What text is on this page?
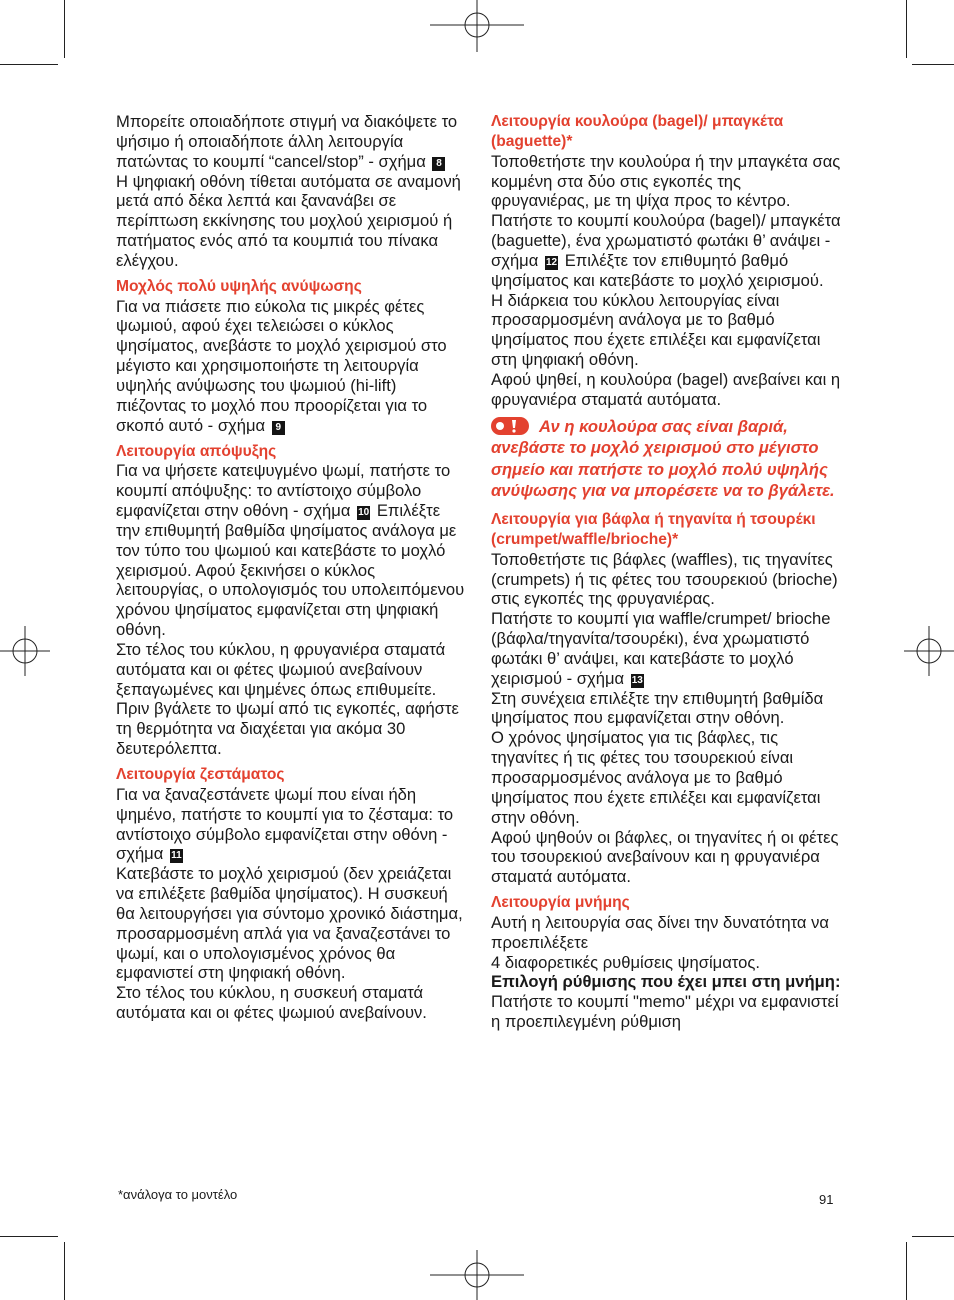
Μπορείτε οποιαδήποτε στιγμή να διακόψετε το ψήσιμο ή οποιαδήποτε άλλη λειτουργία πατώντας το κουμπί “cancel/stop” - σχήμα 8

Η ψηφιακή οθόνη τίθεται αυτόματα σε αναμονή μετά από δέκα λεπτά και ξανανάβει σε περίπτωση εκκίνησης του μοχλού χειρισμού ή πατήματος ενός από τα κουμπιά του πίνακα ελέγχου.

Μοχλός πολύ υψηλής ανύψωσης

Για να πιάσετε πιο εύκολα τις μικρές φέτες ψωμιού, αφού έχει τελειώσει ο κύκλος ψησίματος, ανεβάστε το μοχλό χειρισμού στο μέγιστο και χρησιμοποιήστε τη λειτουργία υψηλής ανύψωσης του ψωμιού (hi-lift) πιέζοντας το μοχλό που προορίζεται για το σκοπό αυτό - σχήμα 9

Λειτουργία απόψυξης

Για να ψήσετε κατεψυγμένο ψωμί, πατήστε το κουμπί απόψυξης: το αντίστοιχο σύμβολο εμφανίζεται στην οθόνη - σχήμα 10 Επιλέξτε την επιθυμητή βαθμίδα ψησίματος ανάλογα με τον τύπο του ψωμιού και κατεβάστε το μοχλό χειρισμού. Αφού ξεκινήσει ο κύκλος λειτουργίας, ο υπολογισμός του υπολειπόμενου χρόνου ψησίματος εμφανίζεται στη ψηφιακή οθόνη.

Στο τέλος του κύκλου, η φρυγανιέρα σταματά αυτόματα και οι φέτες ψωμιού ανεβαίνουν ξεπαγωμένες και ψημένες όπως επιθυμείτε.

Πριν βγάλετε το ψωμί από τις εγκοπές, αφήστε τη θερμότητα να διαχέεται για ακόμα 30 δευτερόλεπτα.

Λειτουργία ζεστάματος

Για να ξαναζεστάνετε ψωμί που είναι ήδη ψημένο, πατήστε το κουμπί για το ζέσταμα: το αντίστοιχο σύμβολο εμφανίζεται στην οθόνη - σχήμα 11

Κατεβάστε το μοχλό χειρισμού (δεν χρειάζεται να επιλέξετε βαθμίδα ψησίματος). Η συσκευή θα λειτουργήσει για σύντομο χρονικό διάστημα, προσαρμοσμένη απλά για να ξαναζεστάνει το ψωμί, και ο υπολογισμένος χρόνος θα εμφανιστεί στη ψηφιακή οθόνη.

Στο τέλος του κύκλου, η συσκευή σταματά αυτόματα και οι φέτες ψωμιού ανεβαίνουν.

Λειτουργία κουλούρα (bagel)/ μπαγκέτα (baguette)*

Τοποθετήστε την κουλούρα ή την μπαγκέτα σας κομμένη στα δύο στις εγκοπές της φρυγανιέρας, με τη ψίχα προς το κέντρο.

Πατήστε το κουμπί κουλούρα (bagel)/ μπαγκέτα (baguette), ένα χρωματιστό φωτάκι θ’ ανάψει - σχήμα 12 Επιλέξτε τον επιθυμητό βαθμό ψησίματος και κατεβάστε το μοχλό χειρισμού.

Η διάρκεια του κύκλου λειτουργίας είναι προσαρμοσμένη ανάλογα με το βαθμό ψησίματος που έχετε επιλέξει και εμφανίζεται στη ψηφιακή οθόνη.

Αφού ψηθεί, η κουλούρα (bagel) ανεβαίνει και η φρυγανιέρα σταματά αυτόματα.

Αν η κουλούρα σας είναι βαριά, ανεβάστε το μοχλό χειρισμού στο μέγιστο σημείο και πατήστε το μοχλό πολύ υψηλής ανύψωσης για να μπορέσετε να το βγάλετε.

Λειτουργία για βάφλα ή τηγανίτα ή τσουρέκι (crumpet/waffle/brioche)*

Τοποθετήστε τις βάφλες (waffles), τις τηγανίτες (crumpets) ή τις φέτες του τσουρεκιού (brioche) στις εγκοπές της φρυγανιέρας.

Πατήστε το κουμπί για waffle/crumpet/ brioche (βάφλα/τηγανίτα/τσουρέκι), ένα χρωματιστό φωτάκι θ’ ανάψει, και κατεβάστε το μοχλό χειρισμού - σχήμα 13

Στη συνέχεια επιλέξτε την επιθυμητή βαθμίδα ψησίματος που εμφανίζεται στην οθόνη.

Ο χρόνος ψησίματος για τις βάφλες, τις τηγανίτες ή τις φέτες του τσουρεκιού είναι προσαρμοσμένος ανάλογα με το βαθμό ψησίματος που έχετε επιλέξει και εμφανίζεται στην οθόνη.

Αφού ψηθούν οι βάφλες, οι τηγανίτες ή οι φέτες του τσουρεκιού ανεβαίνουν και η φρυγανιέρα σταματά αυτόματα.

Λειτουργία μνήμης

Αυτή η λειτουργία σας δίνει την δυνατότητα να προεπιλέξετε

4 διαφορετικές ρυθμίσεις ψησίματος.

Επιλογή ρύθμισης που έχει μπει στη μνήμη:

Πατήστε το κουμπί "memo" μέχρι να εμφανιστεί η προεπιλεγμένη ρύθμιση

*ανάλογα το μοντέλο	91
